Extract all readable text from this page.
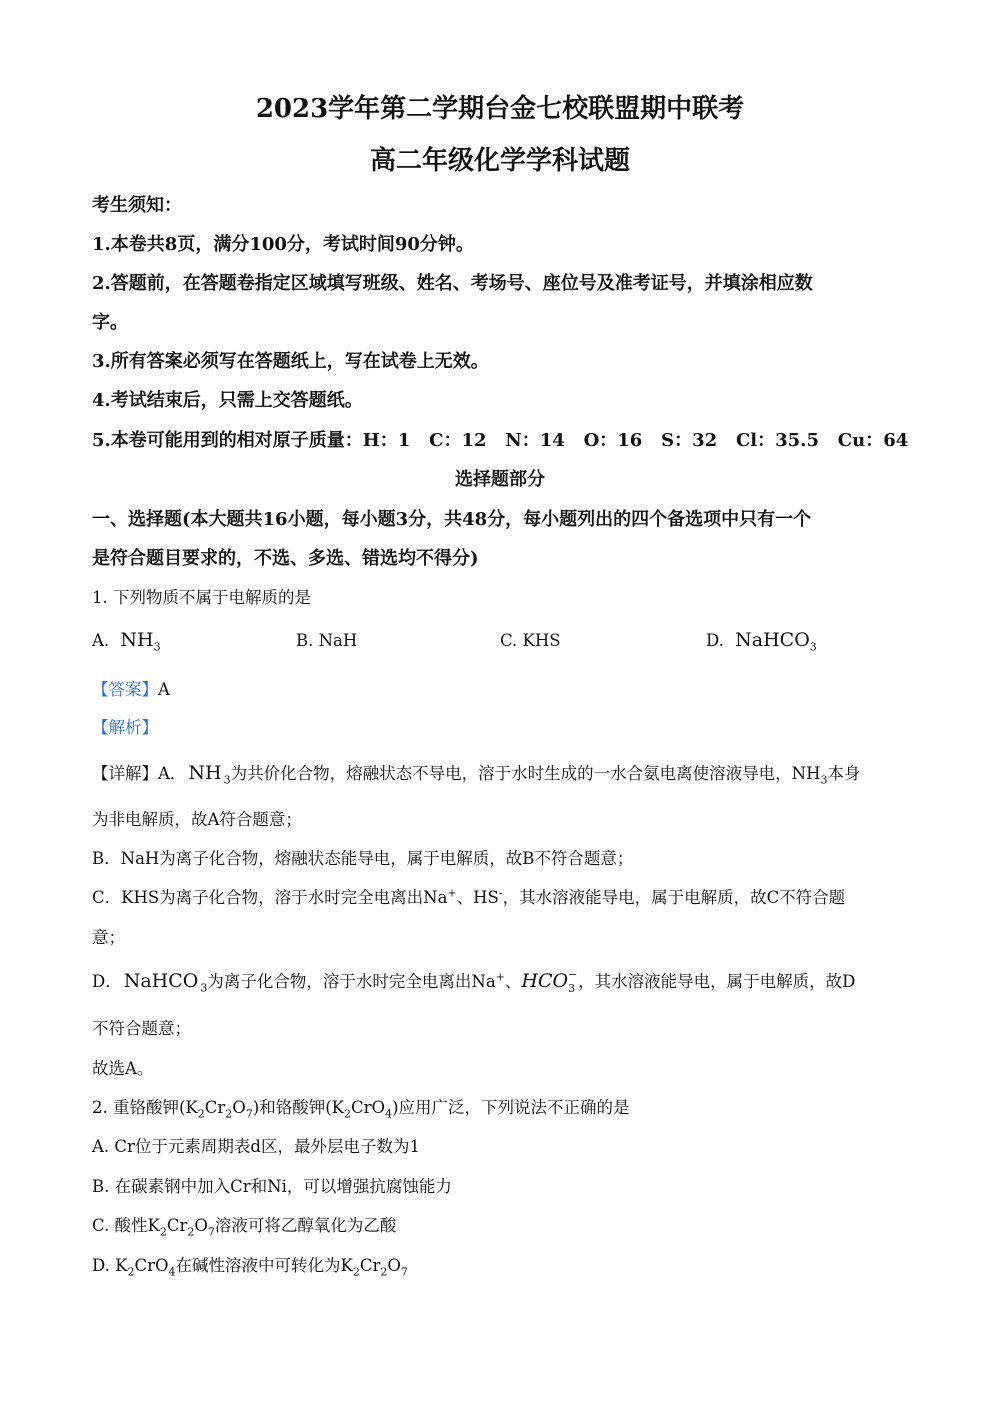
2023学年第二学期台金七校联盟期中联考
高二年级化学学科试题
考生须知：
1.本卷共8页，满分100分，考试时间90分钟。
2.答题前，在答题卷指定区域填写班级、姓名、考场号、座位号及准考证号，并填涂相应数
字。
3.所有答案必须写在答题纸上，写在试卷上无效。
4.考试结束后，只需上交答题纸。
5.本卷可能用到的相对原子质量：H：1   C：12   N：14   O：16   S：32   Cl：35.5   Cu：64
选择题部分
一、选择题(本大题共16小题，每小题3分，共48分，每小题列出的四个备选项中只有一个
是符合题目要求的，不选、多选、错选均不得分)
1. 下列物质不属于电解质的是
A. $NH_3$	B. NaH	C. KHS	D. NaHCO$_3$
【答案】A
【解析】
【详解】A． NH $_3$为共价化合物，熔融状态不导电，溶于水时生成的一水合氨电离使溶液导电，$NH_3$本身
为非电解质，故A符合题意；
B．NaH为离子化合物，熔融状态能导电，属于电解质，故B不符合题意；
C．KHS为离子化合物，溶于水时完全电离出Na+、HS-，其水溶液能导电，属于电解质，故C不符合题
意；
D． NaHCO $_3$为离子化合物，溶于水时完全电离出Na+、HCO −
3 ，其水溶液能导电，属于电解质，故D
不符合题意；
故选A。
2. 重铬酸钾$(K_2Cr_2O_7)$和铬酸钾$(K_2CrO_4)$应用广泛，下列说法不正确的是
A. Cr位于元素周期表d区，最外层电子数为1
B. 在碳素钢中加入Cr和Ni，可以增强抗腐蚀能力
C. 酸性$K_2Cr_2O_7$溶液可将乙醇氧化为乙酸
D. $K_2CrO_4$在碱性溶液中可转化为$K_2Cr_2O_7$
